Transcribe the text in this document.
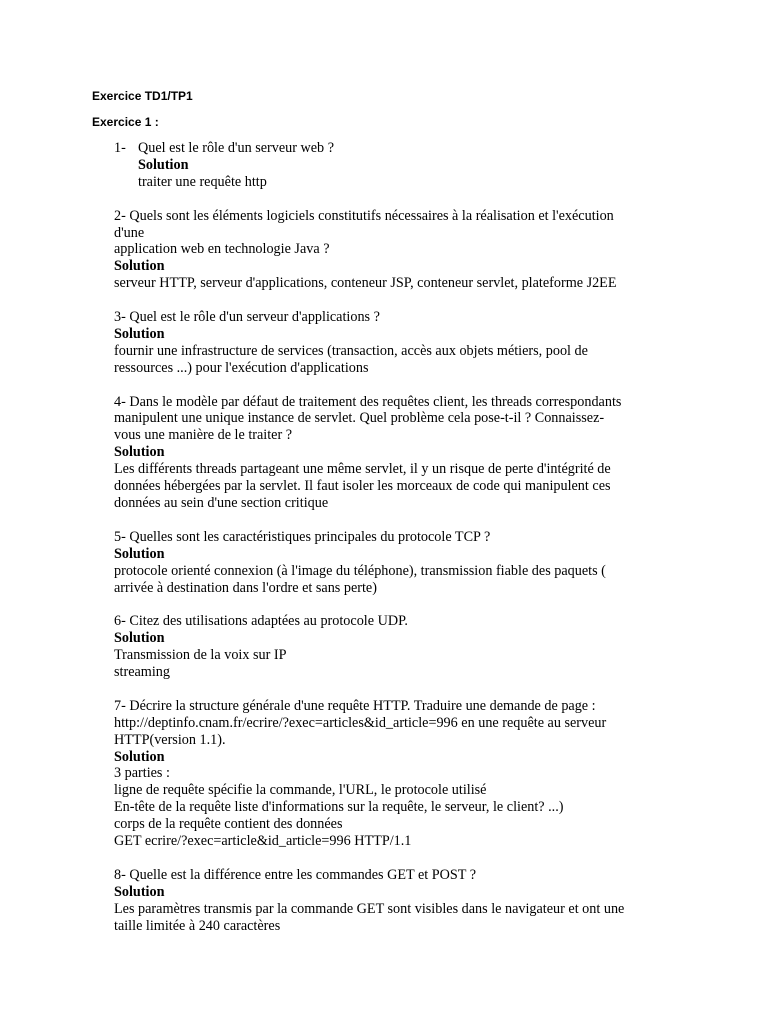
Exercice TD1/TP1
Exercice 1 :
1- Quel est le rôle d'un serveur web ?
Solution
traiter une requête http
2- Quels sont les éléments logiciels constitutifs nécessaires à la réalisation et l'exécution
d'une
application web en technologie Java ?
Solution
serveur HTTP, serveur d'applications, conteneur JSP, conteneur servlet, plateforme J2EE
3- Quel est le rôle d'un serveur d'applications ?
Solution
fournir une infrastructure de services (transaction, accès aux objets métiers, pool de
ressources ...) pour l'exécution d'applications
4- Dans le modèle par défaut de traitement des requêtes client, les threads correspondants
manipulent une unique instance de servlet. Quel problème cela pose-t-il ? Connaissez-
vous une manière de le traiter ?
Solution
Les différents threads partageant une même servlet, il y un risque de perte d'intégrité de
données hébergées par la servlet. Il faut isoler les morceaux de code qui manipulent ces
données au sein d'une section critique
5- Quelles sont les caractéristiques principales du protocole TCP ?
Solution
protocole orienté connexion (à l'image du téléphone), transmission fiable des paquets (
arrivée à destination dans l'ordre et sans perte)
6- Citez des utilisations adaptées au protocole UDP.
Solution
Transmission de la voix sur IP
streaming
7- Décrire la structure générale d'une requête HTTP. Traduire une demande de page :
http://deptinfo.cnam.fr/ecrire/?exec=articles&id_article=996 en une requête au serveur
HTTP(version 1.1).
Solution
3 parties :
ligne de requête spécifie la commande, l'URL, le protocole utilisé
En-tête de la requête liste d'informations sur la requête, le serveur, le client? ...)
corps de la requête contient des données
GET ecrire/?exec=article&id_article=996 HTTP/1.1
8- Quelle est la différence entre les commandes GET et POST ?
Solution
Les paramètres transmis par la commande GET sont visibles dans le navigateur et ont une
taille limitée à 240 caractères
